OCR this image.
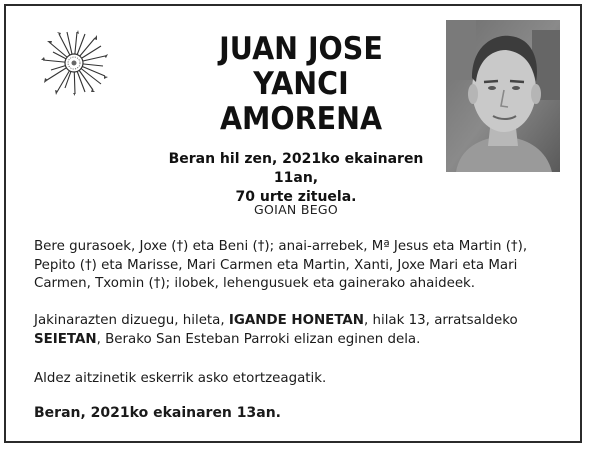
JUAN JOSE
YANCI
AMORENA
Beran hil zen, 2021ko ekainaren 11an,
70 urte zituela.
GOIAN BEGO
Bere gurasoek, Joxe (†) eta Beni (†); anai-arrebek, Mª Jesus eta Martin (†), Pepito (†) eta Marisse, Mari Carmen eta Martin, Xanti, Joxe Mari eta Mari Carmen, Txomin (†); ilobek, lehengusuek eta gainerako ahaideek.
Jakinarazten dizuegu, hileta, IGANDE HONETAN, hilak 13, arratsaldeko SEIETAN, Berako San Esteban Parroki elizan eginen dela.
Aldez aitzinetik eskerrik asko etortzeagatik.
Beran, 2021ko ekainaren 13an.
